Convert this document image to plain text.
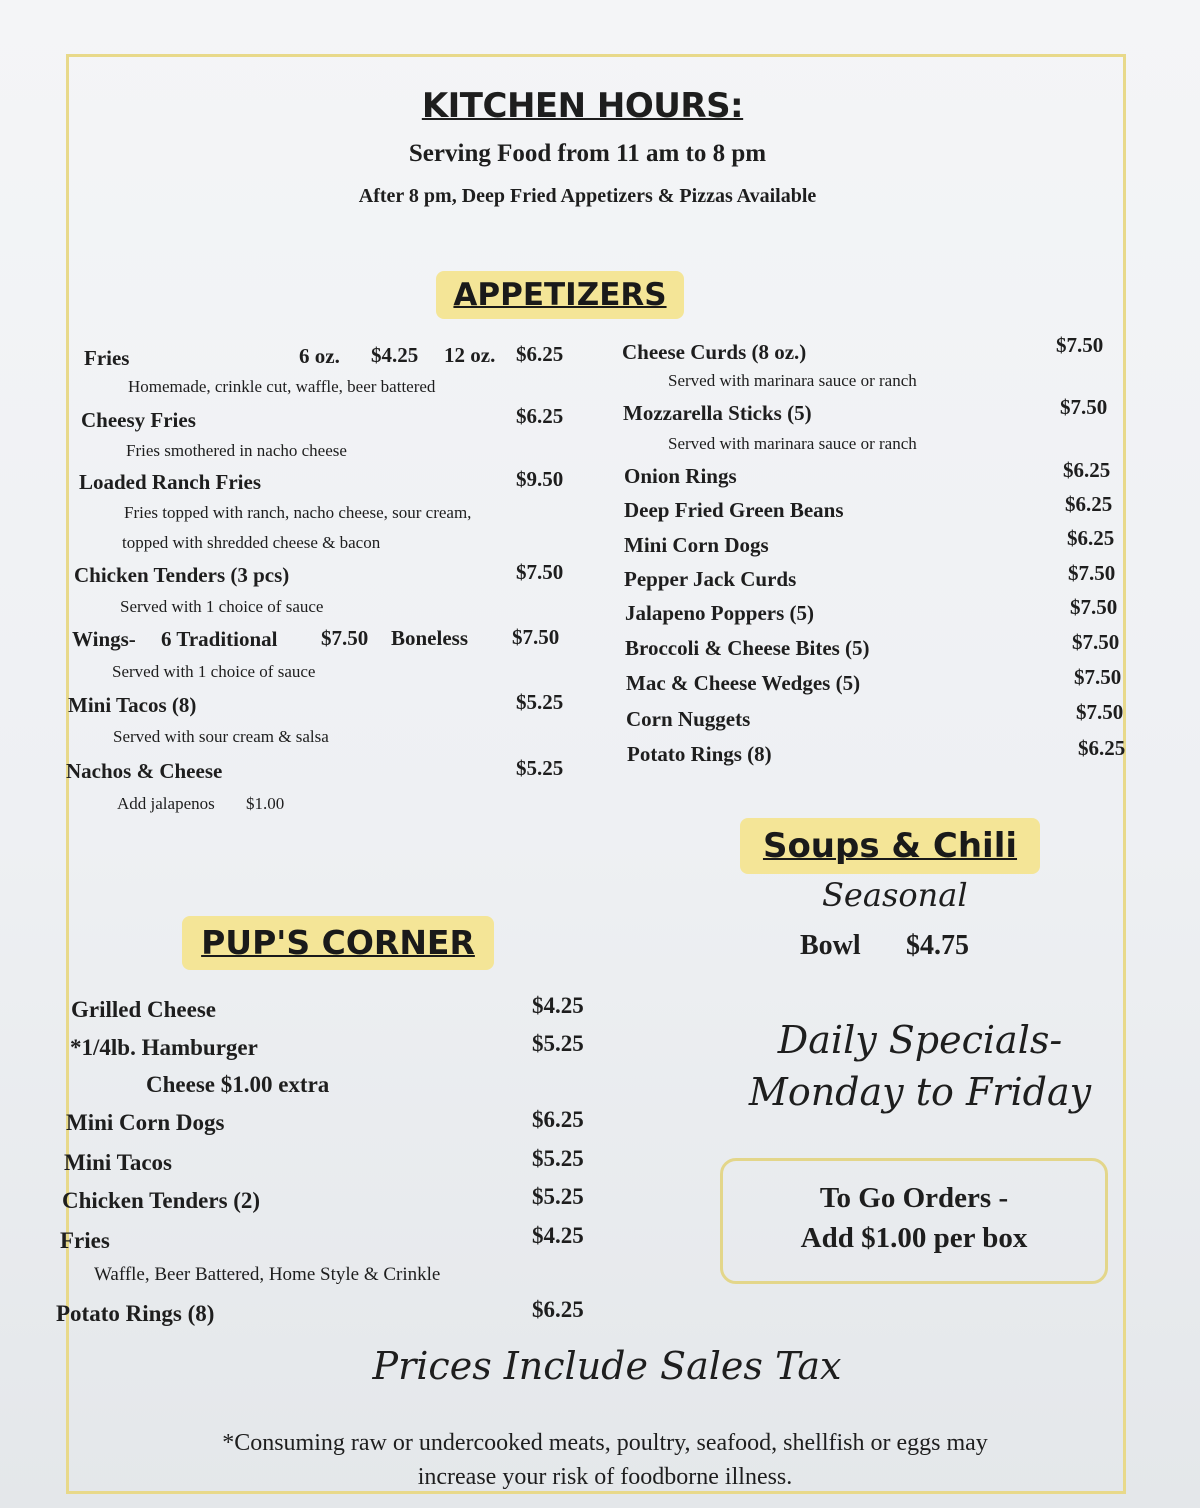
KITCHEN HOURS:
Serving Food from 11 am to 8 pm
After 8 pm, Deep Fried Appetizers & Pizzas Available
APPETIZERS
Fries	6 oz. $4.25 12 oz. $6.25
Homemade, crinkle cut, waffle, beer battered
Cheesy Fries	$6.25
Fries smothered in nacho cheese
Loaded Ranch Fries	$9.50
Fries topped with ranch, nacho cheese, sour cream,
topped with shredded cheese & bacon
Chicken Tenders (3 pcs)	$7.50
Served with 1 choice of sauce
Wings- 6 Traditional $7.50 Boneless $7.50
Served with 1 choice of sauce
Mini Tacos (8)	$5.25
Served with sour cream & salsa
Nachos & Cheese	$5.25
Add jalapenos $1.00
Cheese Curds (8 oz.)	$7.50
Served with marinara sauce or ranch
Mozzarella Sticks (5)	$7.50
Served with marinara sauce or ranch
Onion Rings	$6.25
Deep Fried Green Beans	$6.25
Mini Corn Dogs	$6.25
Pepper Jack Curds	$7.50
Jalapeno Poppers (5)	$7.50
Broccoli & Cheese Bites (5)	$7.50
Mac & Cheese Wedges (5)	$7.50
Corn Nuggets	$7.50
Potato Rings (8)	$6.25
Soups & Chili
Seasonal
Bowl $4.75
Daily Specials-
Monday to Friday
To Go Orders -
Add $1.00 per box
PUP'S CORNER
Grilled Cheese	$4.25
*1/4lb. Hamburger	$5.25
Cheese $1.00 extra
Mini Corn Dogs	$6.25
Mini Tacos	$5.25
Chicken Tenders (2)	$5.25
Fries	$4.25
Waffle, Beer Battered, Home Style & Crinkle
Potato Rings (8)	$6.25
Prices Include Sales Tax
*Consuming raw or undercooked meats, poultry, seafood, shellfish or eggs may
increase your risk of foodborne illness.
